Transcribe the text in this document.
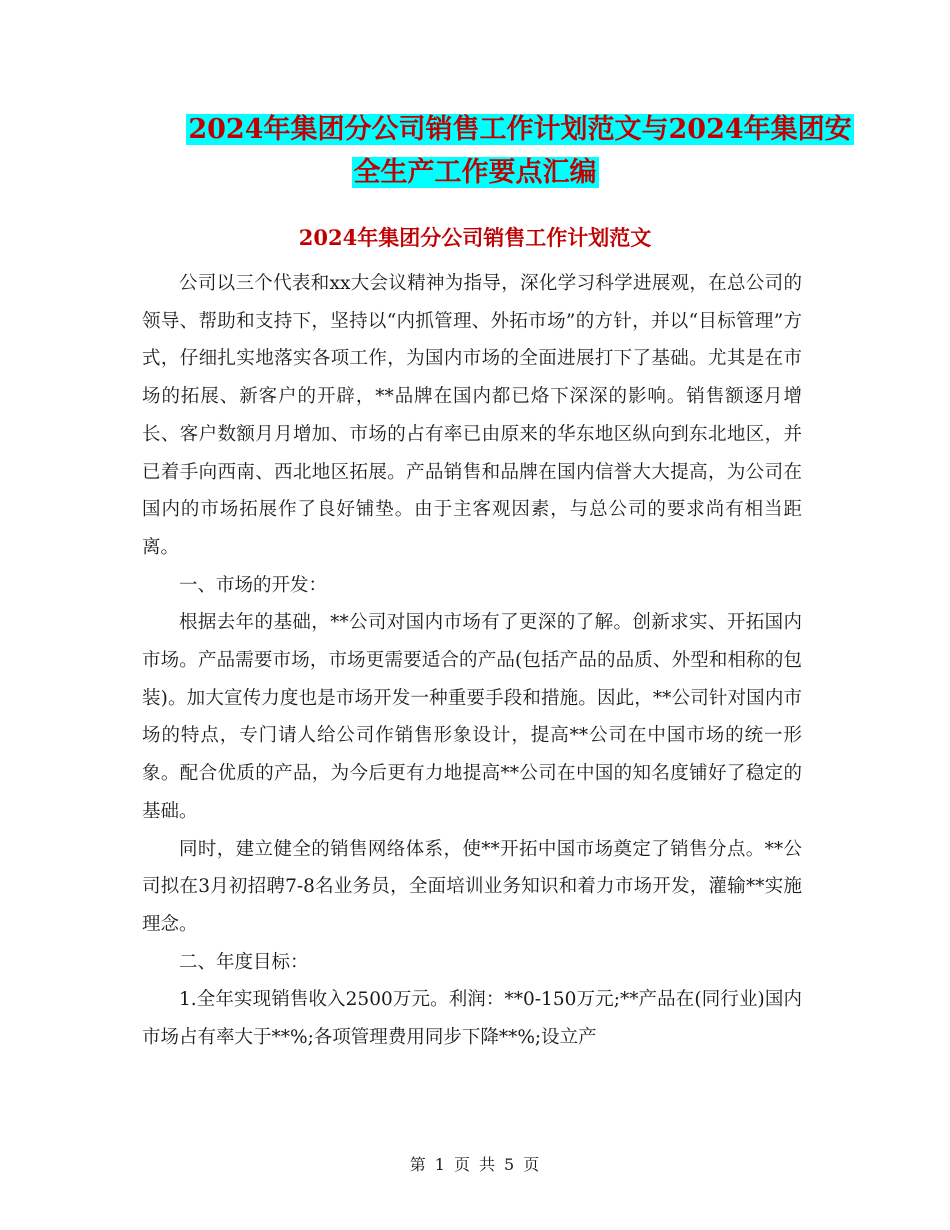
2024年集团分公司销售工作计划范文与2024年集团安
全生产工作要点汇编
2024年集团分公司销售工作计划范文

公司以三个代表和xx大会议精神为指导，深化学习科学进展观，在总公司的领导、帮助和支持下，坚持以“内抓管理、外拓市场”的方针，并以“目标管理”方式，仔细扎实地落实各项工作，为国内市场的全面进展打下了基础。尤其是在市场的拓展、新客户的开辟，**品牌在国内都已烙下深深的影响。销售额逐月增长、客户数额月月增加、市场的占有率已由原来的华东地区纵向到东北地区，并已着手向西南、西北地区拓展。产品销售和品牌在国内信誉大大提高，为公司在国内的市场拓展作了良好铺垫。由于主客观因素，与总公司的要求尚有相当距离。

一、市场的开发：

根据去年的基础，**公司对国内市场有了更深的了解。创新求实、开拓国内市场。产品需要市场，市场更需要适合的产品(包括产品的品质、外型和相称的包装)。加大宣传力度也是市场开发一种重要手段和措施。因此，**公司针对国内市场的特点，专门请人给公司作销售形象设计，提高**公司在中国市场的统一形象。配合优质的产品，为今后更有力地提高**公司在中国的知名度铺好了稳定的基础。

同时，建立健全的销售网络体系，使**开拓中国市场奠定了销售分点。**公司拟在3月初招聘7-8名业务员，全面培训业务知识和着力市场开发，灌输**实施理念。

二、年度目标：

1.全年实现销售收入2500万元。利润：**0-150万元;**产品在(同行业)国内市场占有率大于**%;各项管理费用同步下降**%;设立产

第 1 页 共 5 页
